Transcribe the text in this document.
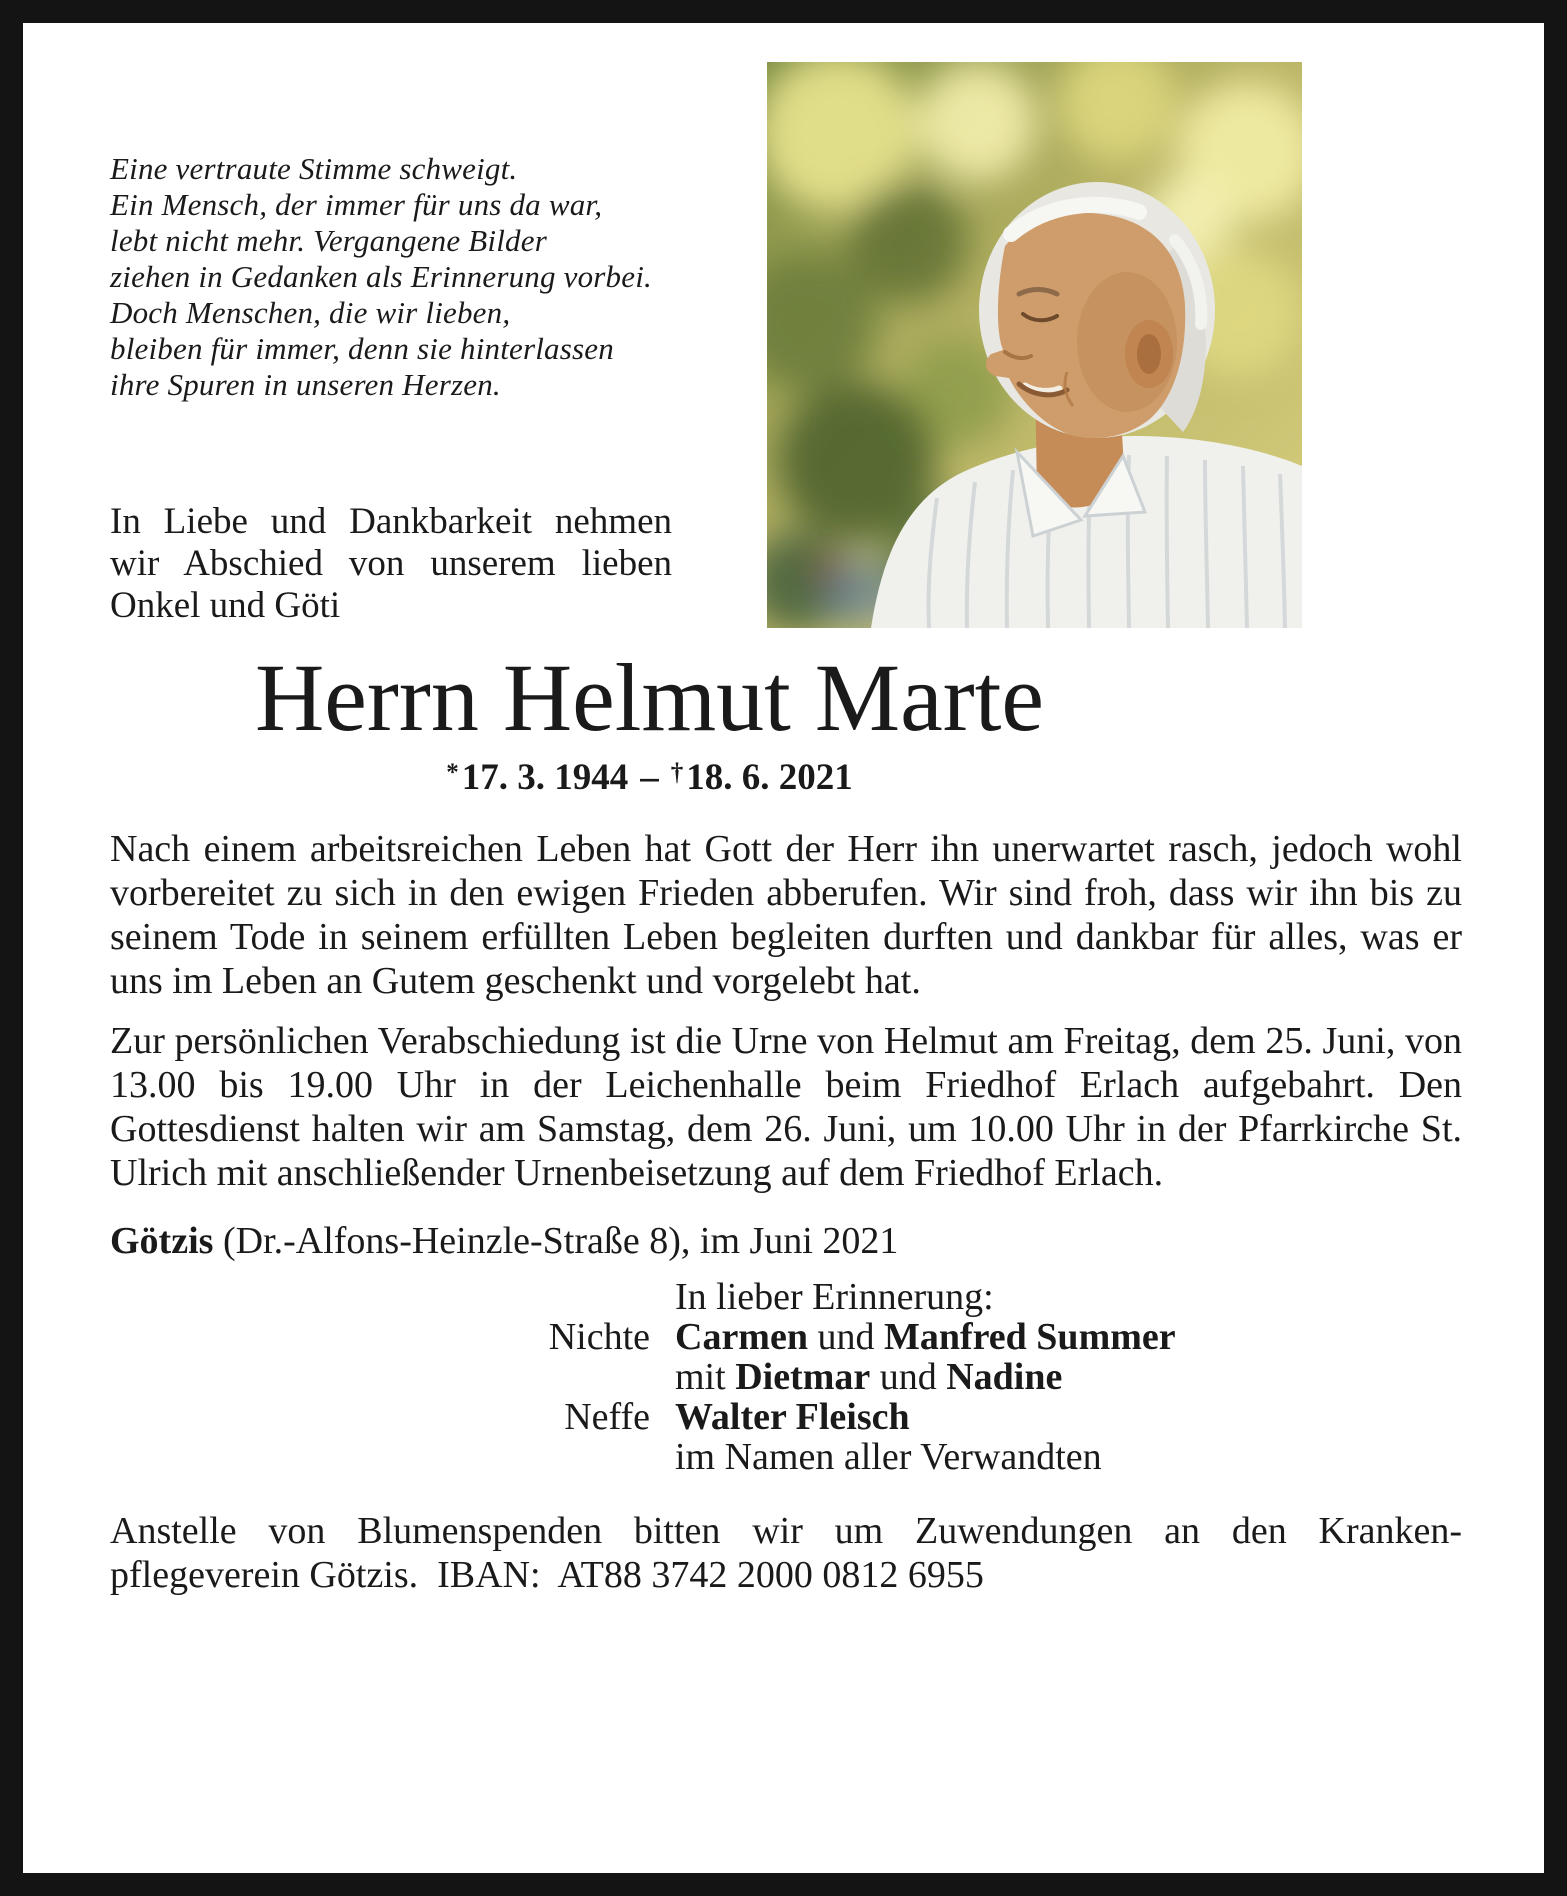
Eine vertraute Stimme schweigt.
Ein Mensch, der immer für uns da war,
lebt nicht mehr. Vergangene Bilder
ziehen in Gedanken als Erinnerung vorbei.
Doch Menschen, die wir lieben,
bleiben für immer, denn sie hinterlassen
ihre Spuren in unseren Herzen.
In Liebe und Dankbarkeit nehmen wir Abschied von unserem lieben Onkel und Göti
Herrn Helmut Marte
*17. 3. 1944 – †18. 6. 2021

Nach einem arbeitsreichen Leben hat Gott der Herr ihn unerwartet rasch, jedoch wohl vorbereitet zu sich in den ewigen Frieden abberufen. Wir sind froh, dass wir ihn bis zu seinem Tode in seinem erfüllten Leben begleiten durften und dankbar für alles, was er uns im Leben an Gutem geschenkt und vorgelebt hat.

Zur persönlichen Verabschiedung ist die Urne von Helmut am Freitag, dem 25. Juni, von 13.00 bis 19.00 Uhr in der Leichenhalle beim Friedhof Erlach aufgebahrt. Den Gottesdienst halten wir am Samstag, dem 26. Juni, um 10.00 Uhr in der Pfarrkirche St. Ulrich mit anschließender Urnenbeisetzung auf dem Friedhof Erlach.

Götzis (Dr.-Alfons-Heinzle-Straße 8), im Juni 2021

In lieber Erinnerung:
Nichte Carmen und Manfred Summer
mit Dietmar und Nadine
Neffe Walter Fleisch
im Namen aller Verwandten

Anstelle von Blumenspenden bitten wir um Zuwendungen an den Kranken-
pflegeverein Götzis.  IBAN:  AT88 3742 2000 0812 6955
